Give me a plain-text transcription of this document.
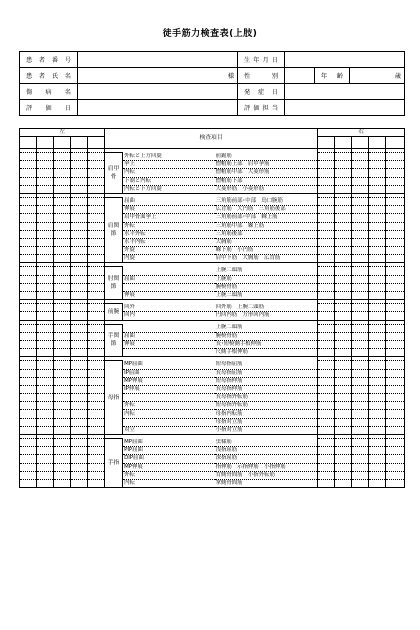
徒手筋力検査表(上肢)
患者番号		生年月日			
患者氏名	様	性別		年齢	歳
傷病名		発症日			
評価日		評価担当			
左					検査項目			右				

					肩甲骨	外転と上方回旋	前鋸筋					
						挙上	僧帽筋上部　肩甲挙筋					
						内転	僧帽筋中部　大菱形筋					
						下制と内転	僧帽筋下部					
						内転と下方回旋	大菱形筋　小菱形筋					

					肩関節	屈曲	三角筋前部･中部　鳥口腕筋					
						伸展	広背筋　大円筋　三角筋後部					
						肩甲骨面挙上	三角筋前部･中部　棘上筋					
						外転	三角筋中部　棘上筋					
						水平外転	三角筋後部					
						水平内転	大胸筋					
						外旋	棘下筋　小円筋					
						内旋	肩甲下筋　大胸筋　広背筋					

					肘関節		上腕二頭筋					
						屈曲	上腕筋					
							腕橈骨筋					
						伸展	上腕三頭筋					

					前腕	回外	回外筋　上腕二頭筋					
						回内	円回内筋　方形回内筋					

					手関節		上腕二頭筋					
						屈曲	腕橈骨筋					
						伸展	長･短橈側手根伸筋					
							尺側手根伸筋					

					母指	MP屈曲	短母指屈筋					
						IP屈曲	長母指屈筋					
						MP伸展	短母指伸筋					
						IP伸展	長母指伸筋					
							長母指外転筋					
						外転	短母指外転筋					
						内転	母指内転筋					
							母指対立筋					
						対立	小指対立筋					

					手指	MP屈曲	虫様筋					
						PIP屈曲	浅指屈筋					
						DIP屈曲	深指屈筋					
						MP伸展	指伸筋　示指伸筋　小指伸筋					
						外転	背側骨間筋　小指外転筋					
						内転	掌側骨間筋					
